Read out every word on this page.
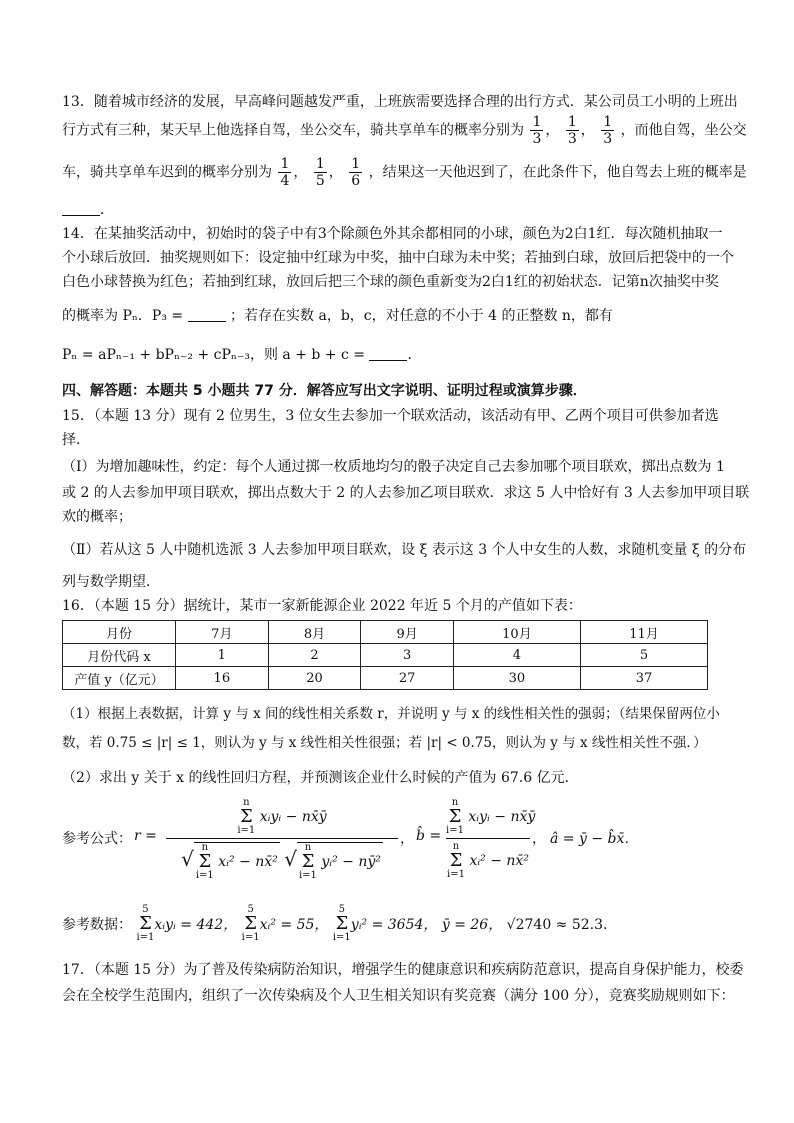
13．随着城市经济的发展，早高峰问题越发严重，上班族需要选择合理的出行方式．某公司员工小明的上班出
行方式有三种，某天早上他选择自驾，坐公交车，骑共享单车的概率分别为 $\frac{1}{3}$ ， $\frac{1}{3}$ ， $\frac{1}{3}$ ，而他自驾，坐公交
车，骑共享单车迟到的概率分别为 $\frac{1}{4}$ ， $\frac{1}{5}$ ， $\frac{1}{6}$ ，结果这一天他迟到了，在此条件下，他自驾去上班的概率是
．
14．在某抽奖活动中，初始时的袋子中有3个除颜色外其余都相同的小球，颜色为2白1红．每次随机抽取一
个小球后放回．抽奖规则如下：设定抽中红球为中奖，抽中白球为未中奖；若抽到白球，放回后把袋中的一个
白色小球替换为红色；若抽到红球，放回后把三个球的颜色重新变为2白1红的初始状态．记第n次抽奖中奖
的概率为 Pₙ．P₃ =	；若存在实数 a，b，c，对任意的不小于 4 的正整数 n，都有
Pₙ = aPₙ₋₁ + bPₙ₋₂ + cPₙ₋₃，则 a + b + c =	．
四、解答题：本题共 5 小题共 77 分．解答应写出文字说明、证明过程或演算步骤．
15．（本题 13 分）现有 2 位男生，3 位女生去参加一个联欢活动，该活动有甲、乙两个项目可供参加者选
择．
（Ⅰ）为增加趣味性，约定：每个人通过掷一枚质地均匀的骰子决定自己去参加哪个项目联欢，掷出点数为 1
或 2 的人去参加甲项目联欢，掷出点数大于 2 的人去参加乙项目联欢．求这 5 人中恰好有 3 人去参加甲项目联
欢的概率；
（Ⅱ）若从这 5 人中随机选派 3 人去参加甲项目联欢，设 ξ 表示这 3 个人中女生的人数，求随机变量 ξ 的分布
列与数学期望．
16．（本题 15 分）据统计，某市一家新能源企业 2022 年近 5 个月的产值如下表：
月份	7月	8月	9月	10月	11月
月份代码 x	1	2	3	4	5
产值 y（亿元）	16	20	27	30	37
（1）根据上表数据，计算 y 与 x 间的线性相关系数 r，并说明 y 与 x 的线性相关性的强弱；（结果保留两位小
数，若 0.75 ≤ |r| ≤ 1，则认为 y 与 x 线性相关性很强；若 |r| < 0.75，则认为 y 与 x 线性相关性不强．）
（2）求出 y 关于 x 的线性回归方程，并预测该企业什么时候的产值为 67.6 亿元．
参考公式： r =
n
Σ
i=1 xᵢyᵢ − nx̄ȳ
√ n
Σ
i=1 xᵢ² − nx̄² √ n
Σ
i=1 yᵢ² − nȳ²
， b̂ =
n
Σ
i=1 xᵢyᵢ − nx̄ȳ
n
Σ
i=1 xᵢ² − nx̄²
， â = ȳ − b̂x̄．
参考数据： 5
Σ
i=1xᵢyᵢ = 442， 5
Σ
i=1xᵢ² = 55， 5
Σ
i=1yᵢ² = 3654， ȳ = 26， √2740 ≈ 52.3．
17．（本题 15 分）为了普及传染病防治知识，增强学生的健康意识和疾病防范意识，提高自身保护能力，校委
会在全校学生范围内，组织了一次传染病及个人卫生相关知识有奖竞赛（满分 100 分），竞赛奖励规则如下：
